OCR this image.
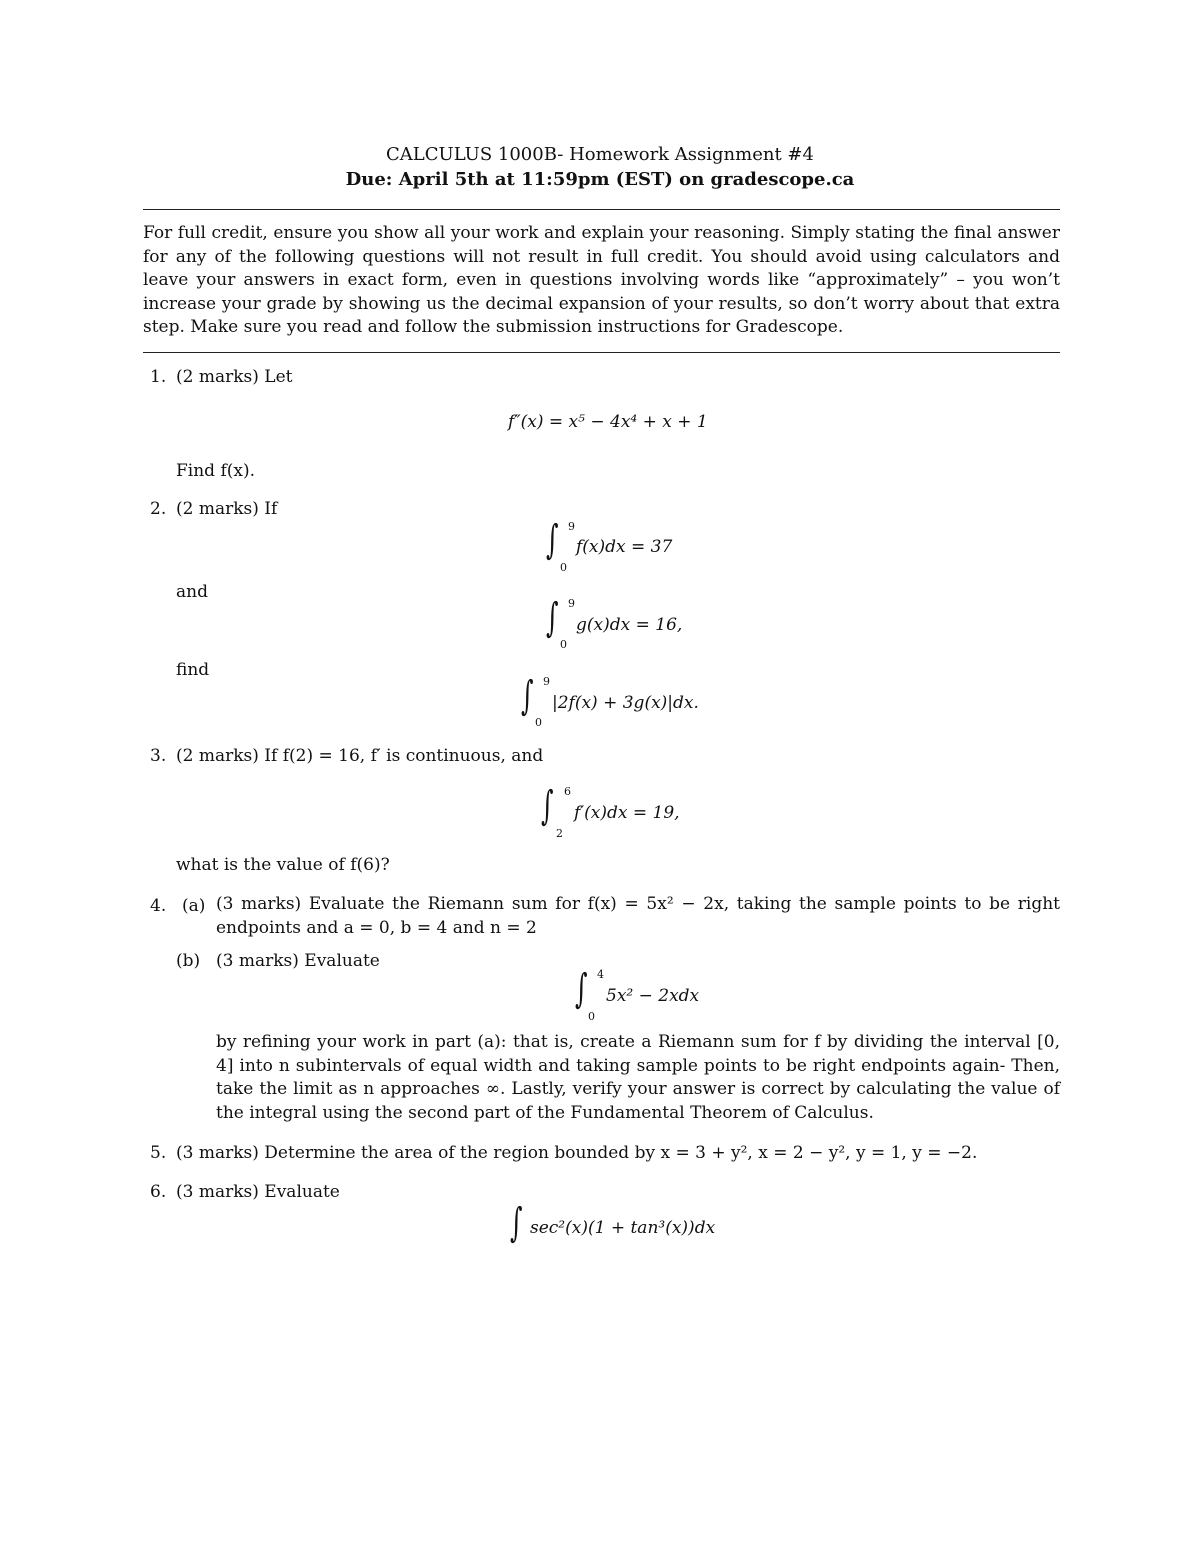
CALCULUS 1000B- Homework Assignment #4
Due: April 5th at 11:59pm (EST) on gradescope.ca
For full credit, ensure you show all your work and explain your reasoning. Simply stating the final answer for any of the following questions will not result in full credit. You should avoid using calculators and leave your answers in exact form, even in questions involving words like “approximately” – you won’t increase your grade by showing us the decimal expansion of your results, so don’t worry about that extra step. Make sure you read and follow the submission instructions for Gradescope.
1. (2 marks) Let
f″(x) = x⁵ − 4x⁴ + x + 1
Find f(x).
2. (2 marks) If
∫ 9
0
f(x)dx = 37
and
∫ 9
0
g(x)dx = 16,
find
∫ 9
0
|2f(x) + 3g(x)|dx.
3. (2 marks) If f(2) = 16, f′ is continuous, and
∫ 6
2
f′(x)dx = 19,
what is the value of f(6)?
4. (a) (3 marks) Evaluate the Riemann sum for f(x) = 5x² − 2x, taking the sample points to be right endpoints and a = 0, b = 4 and n = 2
(b) (3 marks) Evaluate
∫ 4
0
5x² − 2xdx
by refining your work in part (a): that is, create a Riemann sum for f by dividing the interval [0, 4] into n subintervals of equal width and taking sample points to be right endpoints again- Then, take the limit as n approaches ∞. Lastly, verify your answer is correct by calculating the value of the integral using the second part of the Fundamental Theorem of Calculus.
5. (3 marks) Determine the area of the region bounded by x = 3 + y², x = 2 − y², y = 1, y = −2.
6. (3 marks) Evaluate
∫ sec²(x)(1 + tan³(x))dx
